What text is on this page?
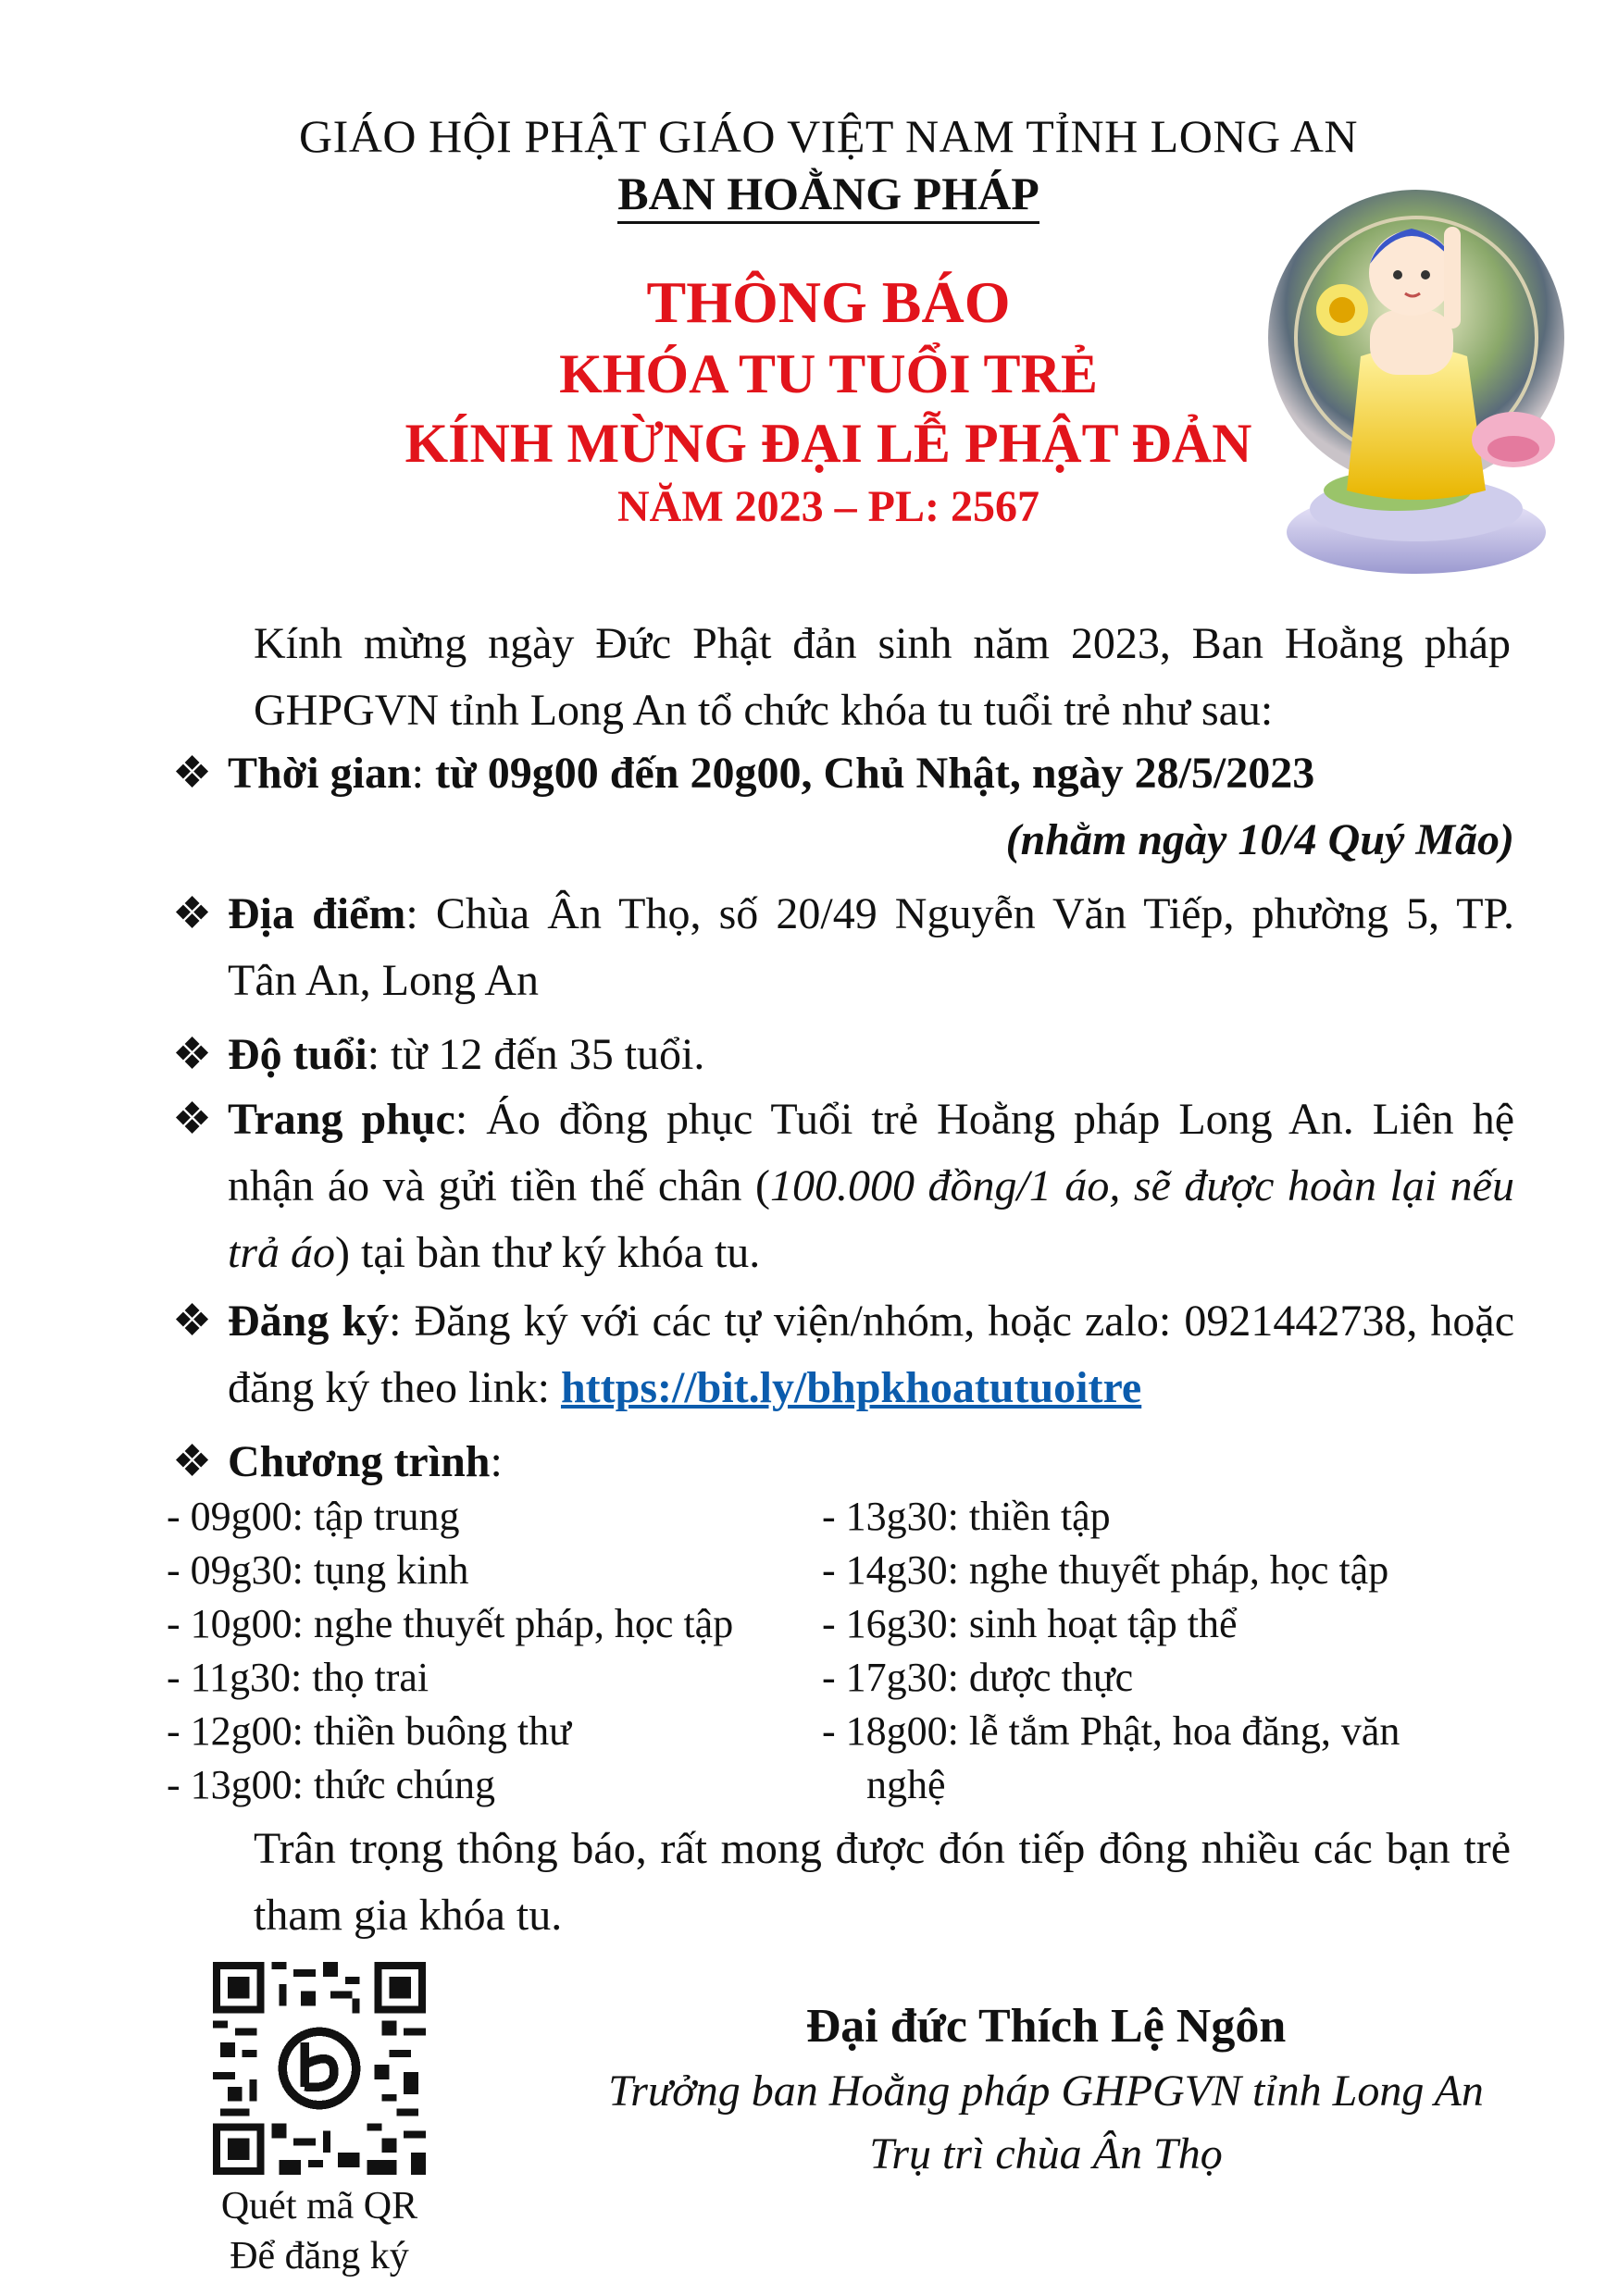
GIÁO HỘI PHẬT GIÁO VIỆT NAM TỈNH LONG AN
BAN HOẰNG PHÁP
THÔNG BÁO
KHÓA TU TUỔI TRẺ
KÍNH MỪNG ĐẠI LỄ PHẬT ĐẢN
NĂM 2023 – PL: 2567
Kính mừng ngày Đức Phật đản sinh năm 2023, Ban Hoằng pháp GHPGVN tỉnh Long An tổ chức khóa tu tuổi trẻ như sau:
❖ Thời gian: từ 09g00 đến 20g00, Chủ Nhật, ngày 28/5/2023
(nhằm ngày 10/4 Quý Mão)
❖ Địa điểm: Chùa Ân Thọ, số 20/49 Nguyễn Văn Tiếp, phường 5, TP. Tân An, Long An
❖ Độ tuổi: từ 12 đến 35 tuổi.
❖ Trang phục: Áo đồng phục Tuổi trẻ Hoằng pháp Long An. Liên hệ nhận áo và gửi tiền thế chân (100.000 đồng/1 áo, sẽ được hoàn lại nếu trả áo) tại bàn thư ký khóa tu.
❖ Đăng ký: Đăng ký với các tự viện/nhóm, hoặc zalo: 0921442738, hoặc đăng ký theo link: https://bit.ly/bhpkhoatutuoitre
❖ Chương trình:
- 09g00 : tập trung
- 09g30 : tụng kinh
- 10g00 : nghe thuyết pháp, học tập
- 11g30 : thọ trai
- 12g00 : thiền buông thư
- 13g00 : thức chúng
- 13g30 : thiền tập
- 14g30 : nghe thuyết pháp, học tập
- 16g30 : sinh hoạt tập thể
- 17g30 : dược thực
- 18g00 : lễ tắm Phật, hoa đăng, văn
nghệ
Trân trọng thông báo, rất mong được đón tiếp đông nhiều các bạn trẻ tham gia khóa tu.
Quét mã QR
Để đăng ký
Đại đức Thích Lệ Ngôn
Trưởng ban Hoằng pháp GHPGVN tỉnh Long An
Trụ trì chùa Ân Thọ
